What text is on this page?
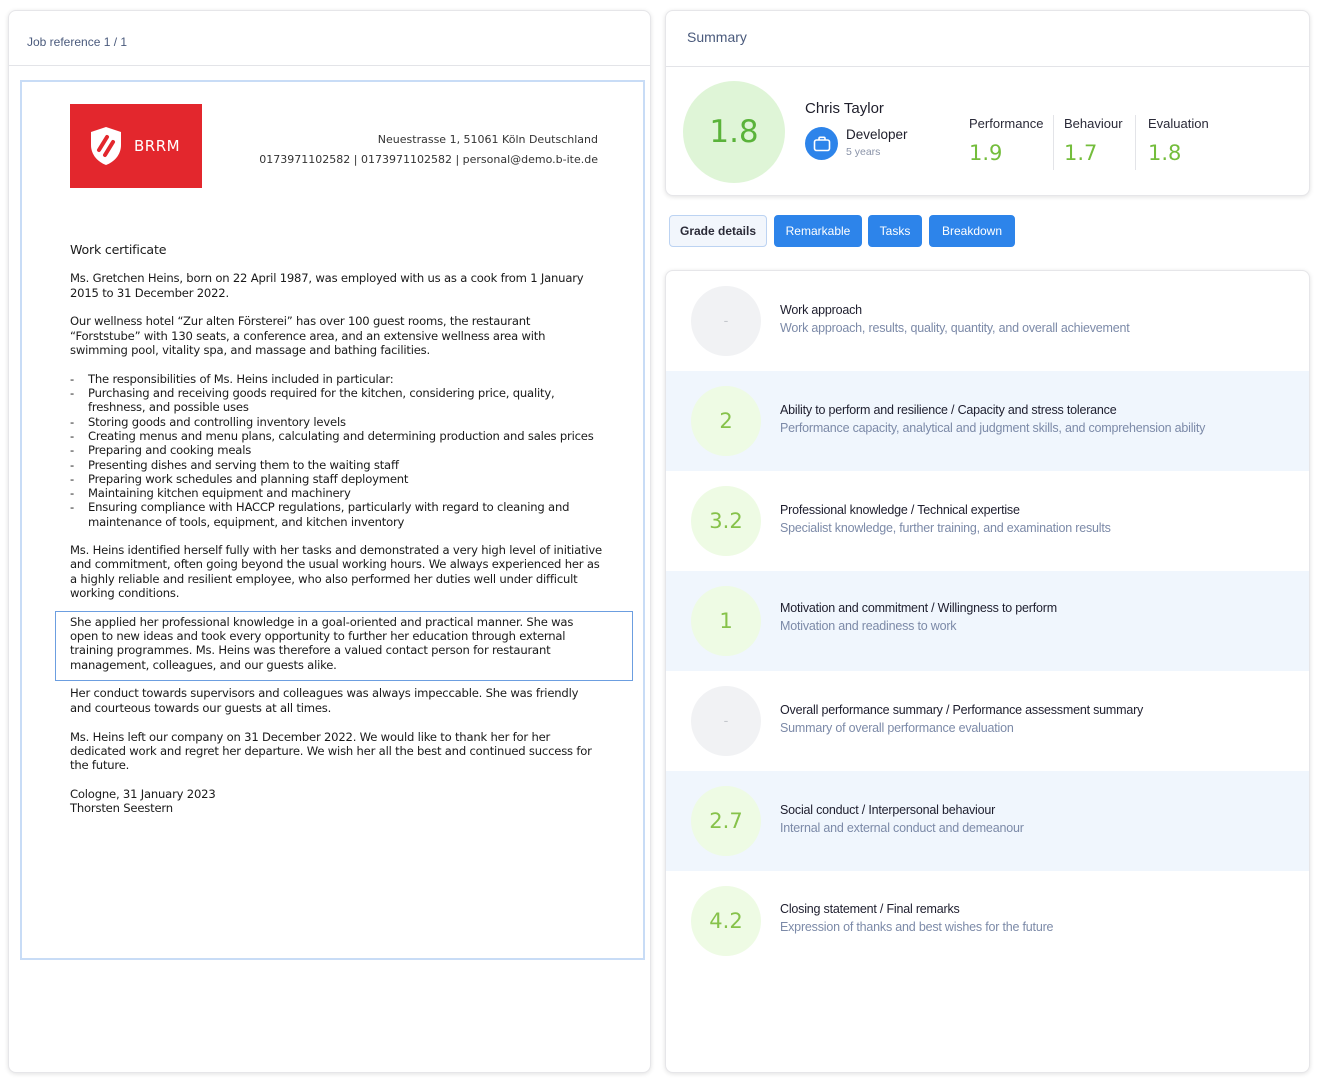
Job reference 1 / 1
BRRM	Neuestrasse 1, 51061 Köln Deutschland
0173971102582 | 0173971102582 | personal@demo.b-ite.de
Work certificate

Ms. Gretchen Heins, born on 22 April 1987, was employed with us as a cook from 1 January 2015 to 31 December 2022.

Our wellness hotel “Zur alten Försterei” has over 100 guest rooms, the restaurant “Forststube” with 130 seats, a conference area, and an extensive wellness area with swimming pool, vitality spa, and massage and bathing facilities.

- The responsibilities of Ms. Heins included in particular:
- Purchasing and receiving goods required for the kitchen, considering price, quality, freshness, and possible uses
- Storing goods and controlling inventory levels
- Creating menus and menu plans, calculating and determining production and sales prices
- Preparing and cooking meals
- Presenting dishes and serving them to the waiting staff
- Preparing work schedules and planning staff deployment
- Maintaining kitchen equipment and machinery
- Ensuring compliance with HACCP regulations, particularly with regard to cleaning and maintenance of tools, equipment, and kitchen inventory

Ms. Heins identified herself fully with her tasks and demonstrated a very high level of initiative and commitment, often going beyond the usual working hours. We always experienced her as a highly reliable and resilient employee, who also performed her duties well under difficult working conditions.

She applied her professional knowledge in a goal-oriented and practical manner. She was open to new ideas and took every opportunity to further her education through external training programmes. Ms. Heins was therefore a valued contact person for restaurant management, colleagues, and our guests alike.

Her conduct towards supervisors and colleagues was always impeccable. She was friendly and courteous towards our guests at all times.

Ms. Heins left our company on 31 December 2022. We would like to thank her for her dedicated work and regret her departure. We wish her all the best and continued success for the future.

Cologne, 31 January 2023
Thorsten Seestern
Summary
1.8
Chris Taylor
Developer
5 years
Performance
1.9
Behaviour
1.7
Evaluation
1.8
Grade details	Remarkable	Tasks	Breakdown
-
Work approach
Work approach, results, quality, quantity, and overall achievement
2	Ability to perform and resilience / Capacity and stress tolerance
Performance capacity, analytical and judgment skills, and comprehension ability
3.2	Professional knowledge / Technical expertise
Specialist knowledge, further training, and examination results
1
Motivation and commitment / Willingness to perform
Motivation and readiness to work
-
Overall performance summary / Performance assessment summary
Summary of overall performance evaluation
2.7	Social conduct / Interpersonal behaviour
Internal and external conduct and demeanour
4.2	Closing statement / Final remarks
Expression of thanks and best wishes for the future
